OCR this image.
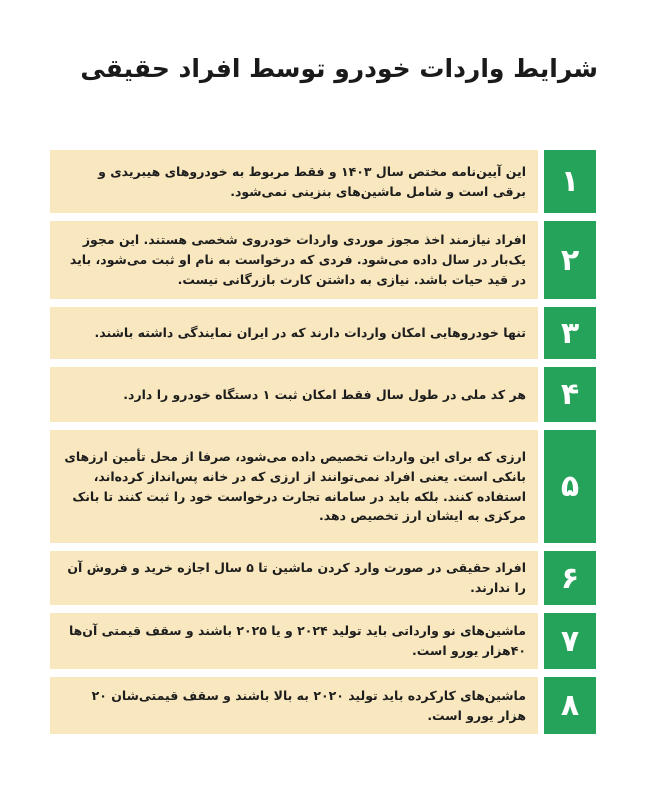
شرایط واردات خودرو توسط افراد حقیقی
۱

این آیین‌نامه مختص سال ۱۴۰۳ و فقط مربوط به خودروهای هیبریدی و برقی است و شامل ماشین‌های بنزینی نمی‌شود.

۲

افراد نیازمند اخذ مجوز موردی واردات خودروی شخصی هستند. این مجوز یک‌بار در سال داده می‌شود. فردی که درخواست به نام او ثبت می‌شود، باید در قید حیات باشد. نیازی به داشتن کارت بازرگانی نیست.

۳

تنها خودروهایی امکان واردات دارند که در ایران نمایندگی داشته باشند.

۴

هر کد ملی در طول سال فقط امکان ثبت ۱ دستگاه خودرو را دارد.

۵

ارزی که برای این واردات تخصیص داده می‌شود، صرفا از محل تأمین ارزهای بانکی است. یعنی افراد نمی‌توانند از ارزی که در خانه پس‌انداز کرده‌اند، استفاده کنند. بلکه باید در سامانه تجارت درخواست خود را ثبت کنند تا بانک مرکزی به ایشان ارز تخصیص دهد.

۶

افراد حقیقی در صورت وارد کردن ماشین تا ۵ سال اجازه خرید و فروش آن را ندارند.

۷

ماشین‌های نو وارداتی باید تولید ۲۰۲۴ و یا ۲۰۲۵ باشند و سقف قیمتی آن‌ها ۴۰هزار یورو است.

۸

ماشین‌های کارکرده باید تولید ۲۰۲۰ به بالا باشند و سقف قیمتی‌شان ۲۰ هزار یورو است.
